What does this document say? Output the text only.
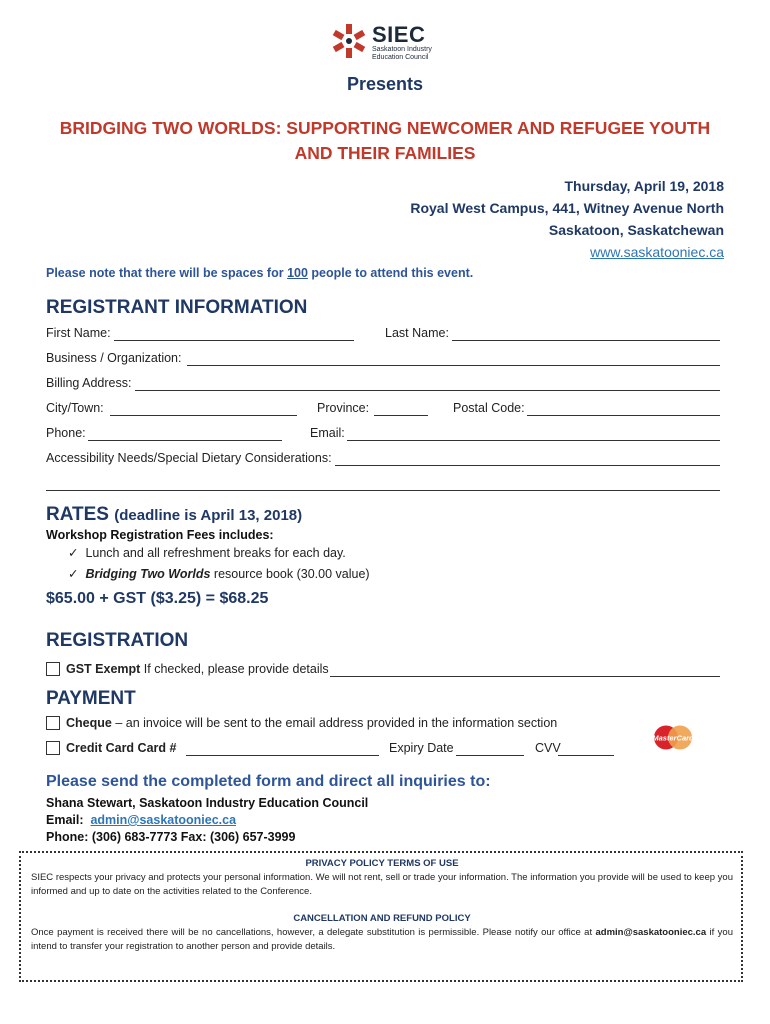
SIEC
Saskatoon Industry Education Council
Presents
BRIDGING TWO WORLDS: SUPPORTING NEWCOMER AND REFUGEE YOUTH
AND THEIR FAMILIES
Thursday, April 19, 2018
Royal West Campus, 441, Witney Avenue North
Saskatoon, Saskatchewan
www.saskatooniec.ca
Please note that there will be spaces for 100 people to attend this event.
REGISTRANT INFORMATION
First Name:	Last Name:
Business / Organization:
Billing Address:
City/Town:	Province:	Postal Code:
Phone:	Email:
Accessibility Needs/Special Dietary Considerations:
RATES (deadline is April 13, 2018)
Workshop Registration Fees includes:
✓ Lunch and all refreshment breaks for each day.
✓ Bridging Two Worlds resource book (30.00 value)
$65.00 + GST ($3.25) = $68.25
REGISTRATION
GST Exempt If checked, please provide details
PAYMENT
Cheque – an invoice will be sent to the email address provided in the information section
Credit Card Card #	Expiry Date	CVV
MasterCard
Please send the completed form and direct all inquiries to:
Shana Stewart, Saskatoon Industry Education Council
Email: admin@saskatooniec.ca
Phone: (306) 683-7773 Fax: (306) 657-3999
PRIVACY POLICY TERMS OF USE
SIEC respects your privacy and protects your personal information. We will not rent, sell or trade your information. The information you provide will be used to keep you informed and up to date on the activities related to the Conference.
CANCELLATION AND REFUND POLICY
Once payment is received there will be no cancellations, however, a delegate substitution is permissible. Please notify our office at admin@saskatooniec.ca if you intend to transfer your registration to another person and provide details.
